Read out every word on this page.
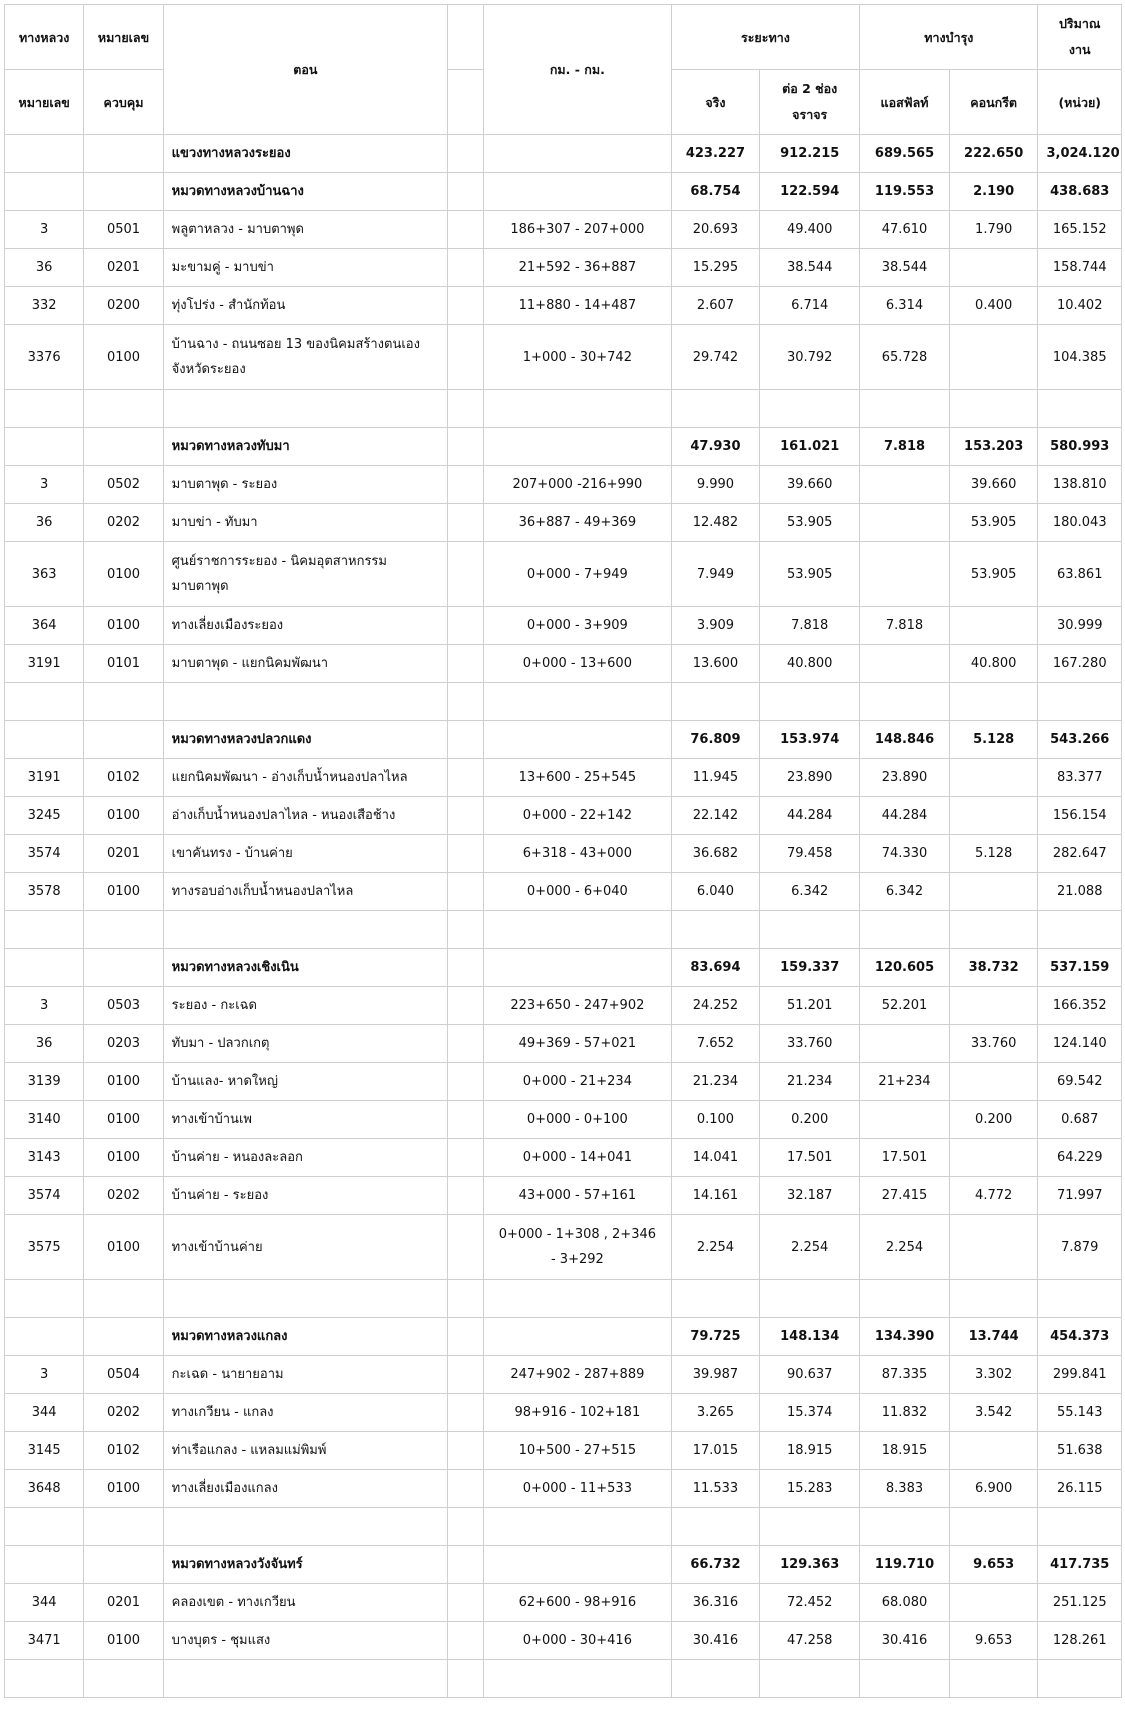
ทางหลวง	หมายเลข	ตอน		กม. - กม.	ระยะทาง		ทางบำรุง		ปริมาณ
งาน
หมายเลข	ควบคุม				จริง	ต่อ 2 ช่อง
จราจร	แอสฟัลท์	คอนกรีต	(หน่วย)
		แขวงทางหลวงระยอง			423.227	912.215	689.565	222.650	3,024.120
		หมวดทางหลวงบ้านฉาง			68.754	122.594	119.553	2.190	438.683
3	0501	พลูตาหลวง - มาบตาพุด		186+307 - 207+000	20.693	49.400	47.610	1.790	165.152
36	0201	มะขามคู่ - มาบข่า		21+592 - 36+887	15.295	38.544	38.544		158.744
332	0200	ทุ่งโปร่ง - สำนักท้อน		11+880 - 14+487	2.607	6.714	6.314	0.400	10.402
3376	0100	บ้านฉาง - ถนนซอย 13 ของนิคมสร้างตนเอง
จังหวัดระยอง		1+000 - 30+742	29.742	30.792	65.728		104.385

		หมวดทางหลวงทับมา			47.930	161.021	7.818	153.203	580.993
3	0502	มาบตาพุด - ระยอง		207+000 -216+990	9.990	39.660		39.660	138.810
36	0202	มาบข่า - ทับมา		36+887 - 49+369	12.482	53.905		53.905	180.043
363	0100	ศูนย์ราชการระยอง - นิคมอุตสาหกรรม
มาบตาพุด		0+000 - 7+949	7.949	53.905		53.905	63.861
364	0100	ทางเลี่ยงเมืองระยอง		0+000 - 3+909	3.909	7.818	7.818		30.999
3191	0101	มาบตาพุด - แยกนิคมพัฒนา		0+000 - 13+600	13.600	40.800		40.800	167.280

		หมวดทางหลวงปลวกแดง			76.809	153.974	148.846	5.128	543.266
3191	0102	แยกนิคมพัฒนา - อ่างเก็บน้ำหนองปลาไหล		13+600 - 25+545	11.945	23.890	23.890		83.377
3245	0100	อ่างเก็บน้ำหนองปลาไหล - หนองเสือช้าง		0+000 - 22+142	22.142	44.284	44.284		156.154
3574	0201	เขาคันทรง - บ้านค่าย		6+318 - 43+000	36.682	79.458	74.330	5.128	282.647
3578	0100	ทางรอบอ่างเก็บน้ำหนองปลาไหล		0+000 - 6+040	6.040	6.342	6.342		21.088

		หมวดทางหลวงเชิงเนิน			83.694	159.337	120.605	38.732	537.159
3	0503	ระยอง - กะเฉด		223+650 - 247+902	24.252	51.201	52.201		166.352
36	0203	ทับมา - ปลวกเกตุ		49+369 - 57+021	7.652	33.760		33.760	124.140
3139	0100	บ้านแลง- หาดใหญ่		0+000 - 21+234	21.234	21.234	21+234		69.542
3140	0100	ทางเข้าบ้านเพ		0+000 - 0+100	0.100	0.200		0.200	0.687
3143	0100	บ้านค่าย - หนองละลอก		0+000 - 14+041	14.041	17.501	17.501		64.229
3574	0202	บ้านค่าย - ระยอง		43+000 - 57+161	14.161	32.187	27.415	4.772	71.997
3575	0100	ทางเข้าบ้านค่าย		0+000 - 1+308 , 2+346
- 3+292	2.254	2.254	2.254		7.879

		หมวดทางหลวงแกลง			79.725	148.134	134.390	13.744	454.373
3	0504	กะเฉด - นายายอาม		247+902 - 287+889	39.987	90.637	87.335	3.302	299.841
344	0202	ทางเกวียน - แกลง		98+916 - 102+181	3.265	15.374	11.832	3.542	55.143
3145	0102	ท่าเรือแกลง - แหลมแม่พิมพ์		10+500 - 27+515	17.015	18.915	18.915		51.638
3648	0100	ทางเลี่ยงเมืองแกลง		0+000 - 11+533	11.533	15.283	8.383	6.900	26.115

		หมวดทางหลวงวังจันทร์			66.732	129.363	119.710	9.653	417.735
344	0201	คลองเขต - ทางเกวียน		62+600 - 98+916	36.316	72.452	68.080		251.125
3471	0100	บางบุตร - ชุมแสง		0+000 - 30+416	30.416	47.258	30.416	9.653	128.261
